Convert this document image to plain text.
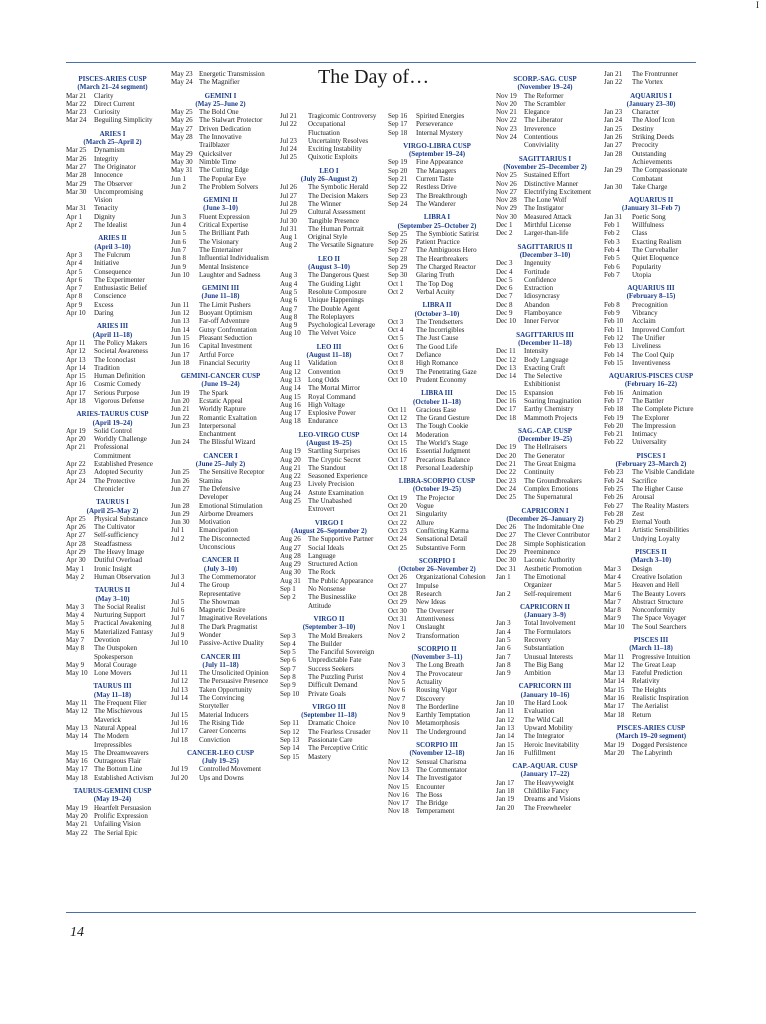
I
The Day of…
PISCES-ARIES CUSP
(March 21–24 segment)
Mar 21	Clarity
Mar 22	Direct Current
Mar 23	Curiosity
Mar 24	Beguiling Simplicity
ARIES I
(March 25–April 2)
Mar 25	Dynamism
Mar 26	Integrity
Mar 27	The Originator
Mar 28	Innocence
Mar 29	The Observer
Mar 30	Uncompromising Vision
Mar 31	Tenacity
Apr 1	Dignity
Apr 2	The Idealist
ARIES II
(April 3–10)
Apr 3	The Fulcrum
Apr 4	Initiative
Apr 5	Consequence
Apr 6	The Experimenter
Apr 7	Enthusiastic Belief
Apr 8	Conscience
Apr 9	Excess
Apr 10	Daring
ARIES III
(April 11–18)
Apr 11	The Policy Makers
Apr 12	Societal Awareness
Apr 13	The Iconoclast
Apr 14	Tradition
Apr 15	Human Definition
Apr 16	Cosmic Comedy
Apr 17	Serious Purpose
Apr 18	Vigorous Defense
ARIES-TAURUS CUSP
(April 19–24)
Apr 19	Solid Control
Apr 20	Worldly Challenge
Apr 21	Professional Commitment
Apr 22	Established Presence
Apr 23	Adopted Security
Apr 24	The Protective Chronicler
TAURUS I
(April 25–May 2)
Apr 25	Physical Substance
Apr 26	The Cultivator
Apr 27	Self-sufficiency
Apr 28	Steadfastness
Apr 29	The Heavy Image
Apr 30	Dutiful Overload
May 1	Ironic Insight
May 2	Human Observation
TAURUS II
(May 3–10)
May 3	The Social Realist
May 4	Nurturing Support
May 5	Practical Awakening
May 6	Materialized Fantasy
May 7	Devotion
May 8	The Outspoken Spokesperson
May 9	Moral Courage
May 10 Lone Movers
TAURUS III
(May 11–18)
May 11 The Frequent Flier
May 12 The Mischievous Maverick
May 13 Natural Appeal
May 14 The Modern Irrepressibles
May 15 The Dreamweavers
May 16 Outrageous Flair
May 17 The Bottom Line
May 18 Established Activism
TAURUS-GEMINI CUSP
(May 19–24)
May 19 Heartfelt Persuasion
May 20 Prolific Expression
May 21 Unfailing Vision
May 22 The Serial Epic
May 23 Energetic Transmission
May 24 The Magnifier
GEMINI I
(May 25–June 2)
May 25 The Bold One
May 26 The Stalwart Protector
May 27 Driven Dedication
May 28 The Innovative Trailblazer
May 29 Quicksilver
May 30 Nimble Time
May 31 The Cutting Edge
Jun 1	The Popular Eye
Jun 2	The Problem Solvers
GEMINI II
(June 3–10)
Jun 3	Fluent Expression
Jun 4	Critical Expertise
Jun 5	The Brilliant Path
Jun 6	The Visionary
Jun 7	The Entertainer
Jun 8	Influential Individualism
Jun 9	Mental Insistence
Jun 10	Laughter and Sadness
GEMINI III
(June 11–18)
Jun 11	The Limit Pushers
Jun 12	Buoyant Optimism
Jun 13	Far-off Adventure
Jun 14	Gutsy Confrontation
Jun 15	Pleasant Seduction
Jun 16	Capital Investment
Jun 17	Artful Force
Jun 18	Financial Security
GEMINI-CANCER CUSP
(June 19–24)
Jun 19	The Spark
Jun 20	Ecstatic Appeal
Jun 21	Worldly Rapture
Jun 22	Romantic Exaltation
Jun 23	Interpersonal Enchantment
Jun 24	The Blissful Wizard
CANCER I
(June 25–July 2)
Jun 25	The Sensitive Receptor
Jun 26	Stamina
Jun 27	The Defensive Developer
Jun 28	Emotional Stimulation
Jun 29	Airborne Dreamers
Jun 30	Motivation
Jul 1	Emancipation
Jul 2	The Disconnected Unconscious
CANCER II
(July 3–10)
Jul 3	The Commemorator
Jul 4	The Group Representative
Jul 5	The Showman
Jul 6	Magnetic Desire
Jul 7	Imaginative Revelations
Jul 8	The Dark Pragmatist
Jul 9	Wonder
Jul 10	Passive-Active Duality
CANCER III
(July 11–18)
Jul 11	The Unsolicited Opinion
Jul 12	The Persuasive Presence
Jul 13	Taken Opportunity
Jul 14	The Convincing Storyteller
Jul 15	Material Inducers
Jul 16	The Rising Tide
Jul 17	Career Concerns
Jul 18	Conviction
CANCER-LEO CUSP
(July 19–25)
Jul 19	Controlled Movement
Jul 20	Ups and Downs
Jul 21	Tragicomic Controversy
Jul 22	Occupational Fluctuation
Jul 23	Uncertainty Resolves
Jul 24	Exciting Instability
Jul 25	Quixotic Exploits
LEO I
(July 26–August 2)
Jul 26	The Symbolic Herald
Jul 27	The Decision Makers
Jul 28	The Winner
Jul 29	Cultural Assessment
Jul 30	Tangible Presence
Jul 31	The Human Portrait
Aug 1	Original Style
Aug 2	The Versatile Signature
LEO II
(August 3–10)
Aug 3	The Dangerous Quest
Aug 4	The Guiding Light
Aug 5	Resolute Composure
Aug 6	Unique Happenings
Aug 7	The Double Agent
Aug 8	The Roleplayers
Aug 9	Psychological Leverage
Aug 10	The Velvet Voice
LEO III
(August 11–18)
Aug 11	Validation
Aug 12	Convention
Aug 13	Long Odds
Aug 14	The Mortal Mirror
Aug 15	Royal Command
Aug 16	High Voltage
Aug 17	Explosive Power
Aug 18	Endurance
LEO-VIRGO CUSP
(August 19–25)
Aug 19	Startling Surprises
Aug 20	The Cryptic Secret
Aug 21	The Standout
Aug 22	Seasoned Experience
Aug 23	Lively Precision
Aug 24	Astute Examination
Aug 25	The Unabashed Extrovert
VIRGO I
(August 26–September 2)
Aug 26	The Supportive Partner
Aug 27	Social Ideals
Aug 28	Language
Aug 29	Structured Action
Aug 30	The Rock
Aug 31	The Public Appearance
Sep 1	No Nonsense
Sep 2	The Businesslike Attitude
VIRGO II
(September 3–10)
Sep 3	The Mold Breakers
Sep 4	The Builder
Sep 5	The Fanciful Sovereign
Sep 6	Unpredictable Fate
Sep 7	Success Seekers
Sep 8	The Puzzling Purist
Sep 9	Difficult Demand
Sep 10	Private Goals
VIRGO III
(September 11–18)
Sep 11	Dramatic Choice
Sep 12	The Fearless Crusader
Sep 13	Passionate Care
Sep 14	The Perceptive Critic
Sep 15	Mastery
Sep 16	Spirited Energies
Sep 17	Perseverance
Sep 18	Internal Mystery
VIRGO-LIBRA CUSP
(September 19–24)
Sep 19	Fine Appearance
Sep 20	The Managers
Sep 21	Current Taste
Sep 22	Restless Drive
Sep 23	The Breakthrough
Sep 24	The Wanderer
LIBRA I
(September 25–October 2)
Sep 25	The Symbiotic Satirist
Sep 26	Patient Practice
Sep 27	The Ambiguous Hero
Sep 28	The Heartbreakers
Sep 29	The Charged Reactor
Sep 30	Glaring Truth
Oct 1	The Top Dog
Oct 2	Verbal Acuity
LIBRA II
(October 3–10)
Oct 3	The Trendsetters
Oct 4	The Incorrigibles
Oct 5	The Just Cause
Oct 6	The Good Life
Oct 7	Defiance
Oct 8	High Romance
Oct 9	The Penetrating Gaze
Oct 10	Prudent Economy
LIBRA III
(October 11–18)
Oct 11	Gracious Ease
Oct 12	The Grand Gesture
Oct 13	The Tough Cookie
Oct 14	Moderation
Oct 15	The World’s Stage
Oct 16	Essential Judgment
Oct 17	Precarious Balance
Oct 18	Personal Leadership
LIBRA-SCORPIO CUSP
(October 19–25)
Oct 19	The Projector
Oct 20	Vogue
Oct 21	Singularity
Oct 22	Allure
Oct 23	Conflicting Karma
Oct 24	Sensational Detail
Oct 25	Substantive Form
SCORPIO I
(October 26–November 2)
Oct 26	Organizational Cohesion
Oct 27	Impulse
Oct 28	Research
Oct 29	New Ideas
Oct 30	The Overseer
Oct 31	Attentiveness
Nov 1	Onslaught
Nov 2	Transformation
SCORPIO II
(November 3–11)
Nov 3	The Long Breath
Nov 4	The Provocateur
Nov 5	Actuality
Nov 6	Rousing Vigor
Nov 7	Discovery
Nov 8	The Borderline
Nov 9	Earthly Temptation
Nov 10	Metamorphosis
Nov 11	The Underground
SCORPIO III
(November 12–18)
Nov 12	Sensual Charisma
Nov 13	The Commentator
Nov 14	The Investigator
Nov 15	Encounter
Nov 16	The Boss
Nov 17	The Bridge
Nov 18	Temperament
SCORP.-SAG. CUSP
(November 19–24)
Nov 19	The Reformer
Nov 20	The Scrambler
Nov 21	Elegance
Nov 22	The Liberator
Nov 23	Irreverence
Nov 24	Contentious Conviviality
SAGITTARIUS I
(November 25–December 2)
Nov 25	Sustained Effort
Nov 26	Distinctive Manner
Nov 27	Electrifying Excitement
Nov 28	The Lone Wolf
Nov 29	The Instigator
Nov 30	Measured Attack
Dec 1	Mirthful License
Dec 2	Larger-than-life
SAGITTARIUS II
(December 3–10)
Dec 3	Ingenuity
Dec 4	Fortitude
Dec 5	Confidence
Dec 6	Extraction
Dec 7	Idiosyncrasy
Dec 8	Abandon
Dec 9	Flamboyance
Dec 10	Inner Fervor
SAGITTARIUS III
(December 11–18)
Dec 11	Intensity
Dec 12	Body Language
Dec 13	Exacting Craft
Dec 14	The Selective Exhibitionist
Dec 15	Expansion
Dec 16	Soaring Imagination
Dec 17	Earthy Chemistry
Dec 18	Mammoth Projects
SAG.-CAP. CUSP
(December 19–25)
Dec 19	The Hellraisers
Dec 20	The Generator
Dec 21	The Great Enigma
Dec 22	Continuity
Dec 23	The Groundbreakers
Dec 24	Complex Emotions
Dec 25	The Supernatural
CAPRICORN I
(December 26–January 2)
Dec 26	The Indomitable One
Dec 27	The Clever Contributor
Dec 28	Simple Sophistication
Dec 29	Preeminence
Dec 30	Laconic Authority
Dec 31	Aesthetic Promotion
Jan 1	The Emotional Organizer
Jan 2	Self-requirement
CAPRICORN II
(January 3–9)
Jan 3	Total Involvement
Jan 4	The Formulators
Jan 5	Recovery
Jan 6	Substantiation
Jan 7	Unusual Interests
Jan 8	The Big Bang
Jan 9	Ambition
CAPRICORN III
(January 10–16)
Jan 10	The Hard Look
Jan 11	Evaluation
Jan 12	The Wild Call
Jan 13	Upward Mobility
Jan 14	The Integrator
Jan 15	Heroic Inevitability
Jan 16	Fulfillment
CAP.-AQUAR. CUSP
(January 17–22)
Jan 17	The Heavyweight
Jan 18	Childlike Fancy
Jan 19	Dreams and Visions
Jan 20	The Freewheeler
Jan 21	The Frontrunner
Jan 22	The Vortex
AQUARIUS I
(January 23–30)
Jan 23	Character
Jan 24	The Aloof Icon
Jan 25	Destiny
Jan 26	Striking Deeds
Jan 27	Precocity
Jan 28	Outstanding Achievements
Jan 29	The Compassionate Combatant
Jan 30	Take Charge
AQUARIUS II
(January 31–Feb 7)
Jan 31	Poetic Song
Feb 1	Willfulness
Feb 2	Class
Feb 3	Exacting Realism
Feb 4	The Curveballer
Feb 5	Quiet Eloquence
Feb 6	Popularity
Feb 7	Utopia
AQUARIUS III
(February 8–15)
Feb 8	Precognition
Feb 9	Vibrancy
Feb 10	Acclaim
Feb 11	Improved Comfort
Feb 12	The Unifier
Feb 13	Liveliness
Feb 14	The Cool Quip
Feb 15	Inventiveness
AQUARIUS-PISCES CUSP
(February 16–22)
Feb 16	Animation
Feb 17	The Battler
Feb 18	The Complete Picture
Feb 19	The Explorer
Feb 20	The Impression
Feb 21	Intimacy
Feb 22	Universality
PISCES I
(February 23–March 2)
Feb 23	The Visible Candidate
Feb 24	Sacrifice
Feb 25	The Higher Cause
Feb 26	Arousal
Feb 27	The Reality Masters
Feb 28	Zest
Feb 29	Eternal Youth
Mar 1	Artistic Sensibilities
Mar 2	Undying Loyalty
PISCES II
(March 3–10)
Mar 3	Design
Mar 4	Creative Isolation
Mar 5	Heaven and Hell
Mar 6	The Beauty Lovers
Mar 7	Abstract Structure
Mar 8	Nonconformity
Mar 9	The Space Voyager
Mar 10	The Soul Searchers
PISCES III
(March 11–18)
Mar 11	Progressive Intuition
Mar 12	The Great Leap
Mar 13	Fateful Prediction
Mar 14	Relativity
Mar 15	The Heights
Mar 16	Realistic Inspiration
Mar 17	The Aerialist
Mar 18	Return
PISCES-ARIES CUSP
(March 19–20 segment)
Mar 19	Dogged Persistence
Mar 20	The Labyrinth
14
